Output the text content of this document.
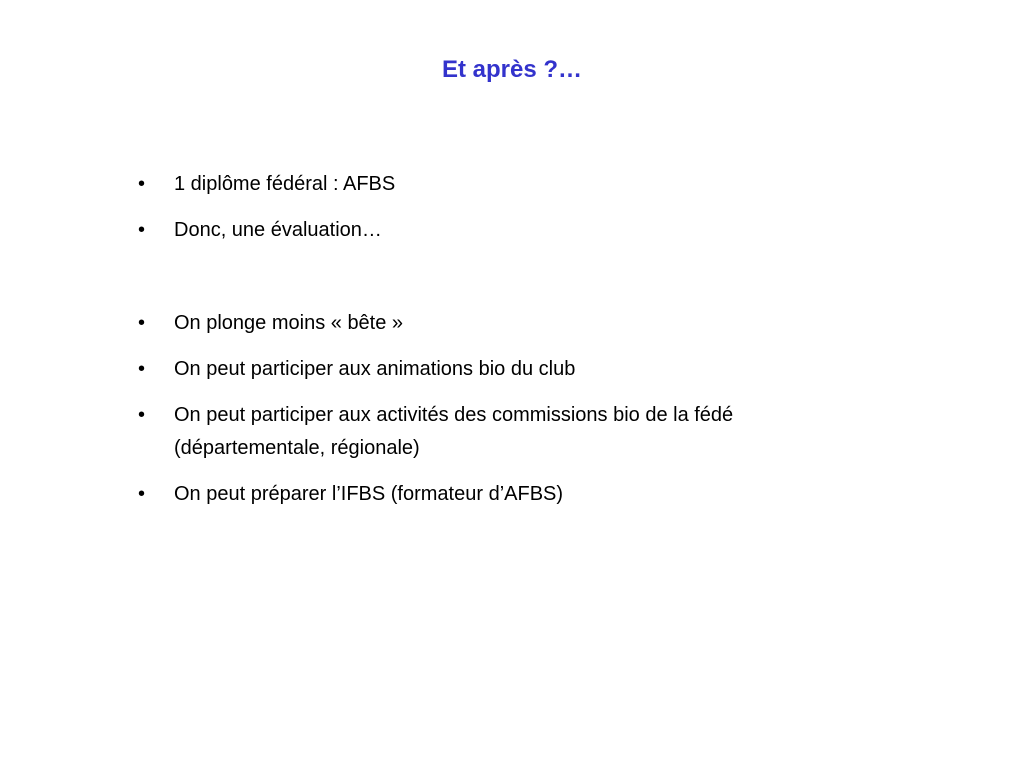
Et après ?…
• 1 diplôme fédéral : AFBS
• Donc, une évaluation…
• On plonge moins « bête »
• On peut participer aux animations bio du club
• On peut participer aux activités des commissions bio de la fédé (départementale, régionale)
• On peut préparer l’IFBS (formateur d’AFBS)
